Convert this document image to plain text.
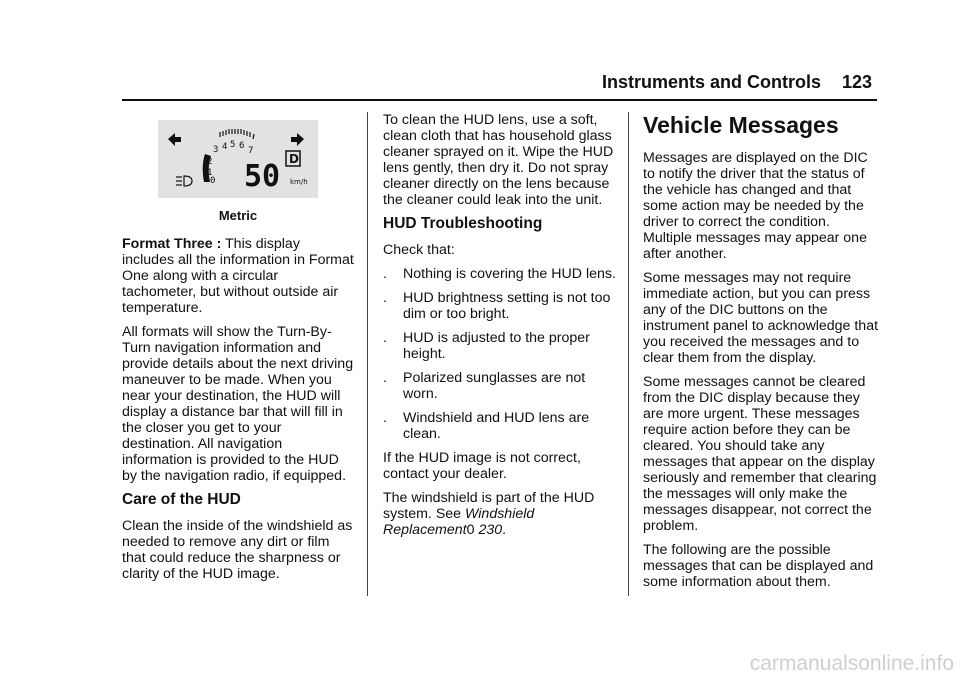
Instruments and Controls 123
0
1
2
3 4 5 6 7
D
50 km/h
Metric

Format Three : This display includes all the information in Format One along with a circular tachometer, but without outside air temperature.

All formats will show the Turn-By-Turn navigation information and provide details about the next driving maneuver to be made. When you near your destination, the HUD will display a distance bar that will fill in the closer you get to your destination. All navigation information is provided to the HUD by the navigation radio, if equipped.

Care of the HUD

Clean the inside of the windshield as needed to remove any dirt or film that could reduce the sharpness or clarity of the HUD image.

To clean the HUD lens, use a soft, clean cloth that has household glass cleaner sprayed on it. Wipe the HUD lens gently, then dry it. Do not spray cleaner directly on the lens because the cleaner could leak into the unit.

HUD Troubleshooting

Check that:

.	Nothing is covering the HUD lens.
.	HUD brightness setting is not too dim or too bright.
.	HUD is adjusted to the proper height.
.	Polarized sunglasses are not worn.
.	Windshield and HUD lens are clean.

If the HUD image is not correct, contact your dealer.

The windshield is part of the HUD system. See Windshield Replacement0 230.

Vehicle Messages

Messages are displayed on the DIC to notify the driver that the status of the vehicle has changed and that some action may be needed by the driver to correct the condition. Multiple messages may appear one after another.

Some messages may not require immediate action, but you can press any of the DIC buttons on the instrument panel to acknowledge that you received the messages and to clear them from the display.

Some messages cannot be cleared from the DIC display because they are more urgent. These messages require action before they can be cleared. You should take any messages that appear on the display seriously and remember that clearing the messages will only make the messages disappear, not correct the problem.

The following are the possible messages that can be displayed and some information about them.

carmanualsonline.info
